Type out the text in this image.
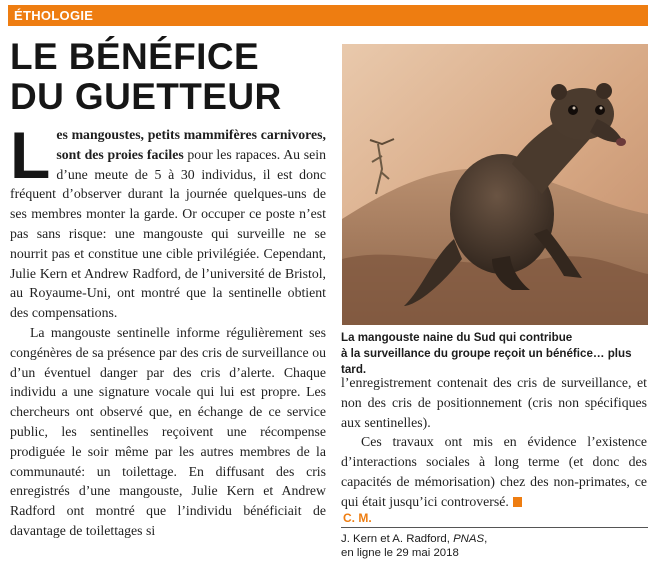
ÉTHOLOGIE
LE BÉNÉFICE
DU GUETTEUR

Les mangoustes, petits mammifères carnivores, sont des proies faciles pour les rapaces. Au sein d’une meute de 5 à 30 individus, il est donc fréquent d’observer durant la journée quelques-uns de ses membres monter la garde. Or occuper ce poste n’est pas sans risque: une mangouste qui surveille ne se nourrit pas et constitue une cible privilégiée. Cependant, Julie Kern et Andrew Radford, de l’université de Bristol, au Royaume-Uni, ont montré que la sentinelle obtient des compensations.

La mangouste sentinelle informe régulièrement ses congénères de sa présence par des cris de surveillance ou d’un éventuel danger par des cris d’alerte. Chaque individu a une signature vocale qui lui est propre. Les chercheurs ont observé que, en échange de ce service public, les sentinelles reçoivent une récompense prodiguée le soir même par les autres membres de la communauté: un toilettage. En diffusant des cris enregistrés d’une mangouste, Julie Kern et Andrew Radford ont montré que l’individu bénéficiait de davantage de toilettages si

La mangouste naine du Sud qui contribue
à la surveillance du groupe reçoit un bénéfice… plus tard.

l’enregistrement contenait des cris de surveillance, et non des cris de positionnement (cris non spécifiques aux sentinelles).

Ces travaux ont mis en évidence l’existence d’interactions sociales à long terme (et donc des capacités de mémorisation) chez des non-primates, ce qui était jusqu’ici controversé.

C. M.
J. Kern et A. Radford, PNAS,
en ligne le 29 mai 2018
